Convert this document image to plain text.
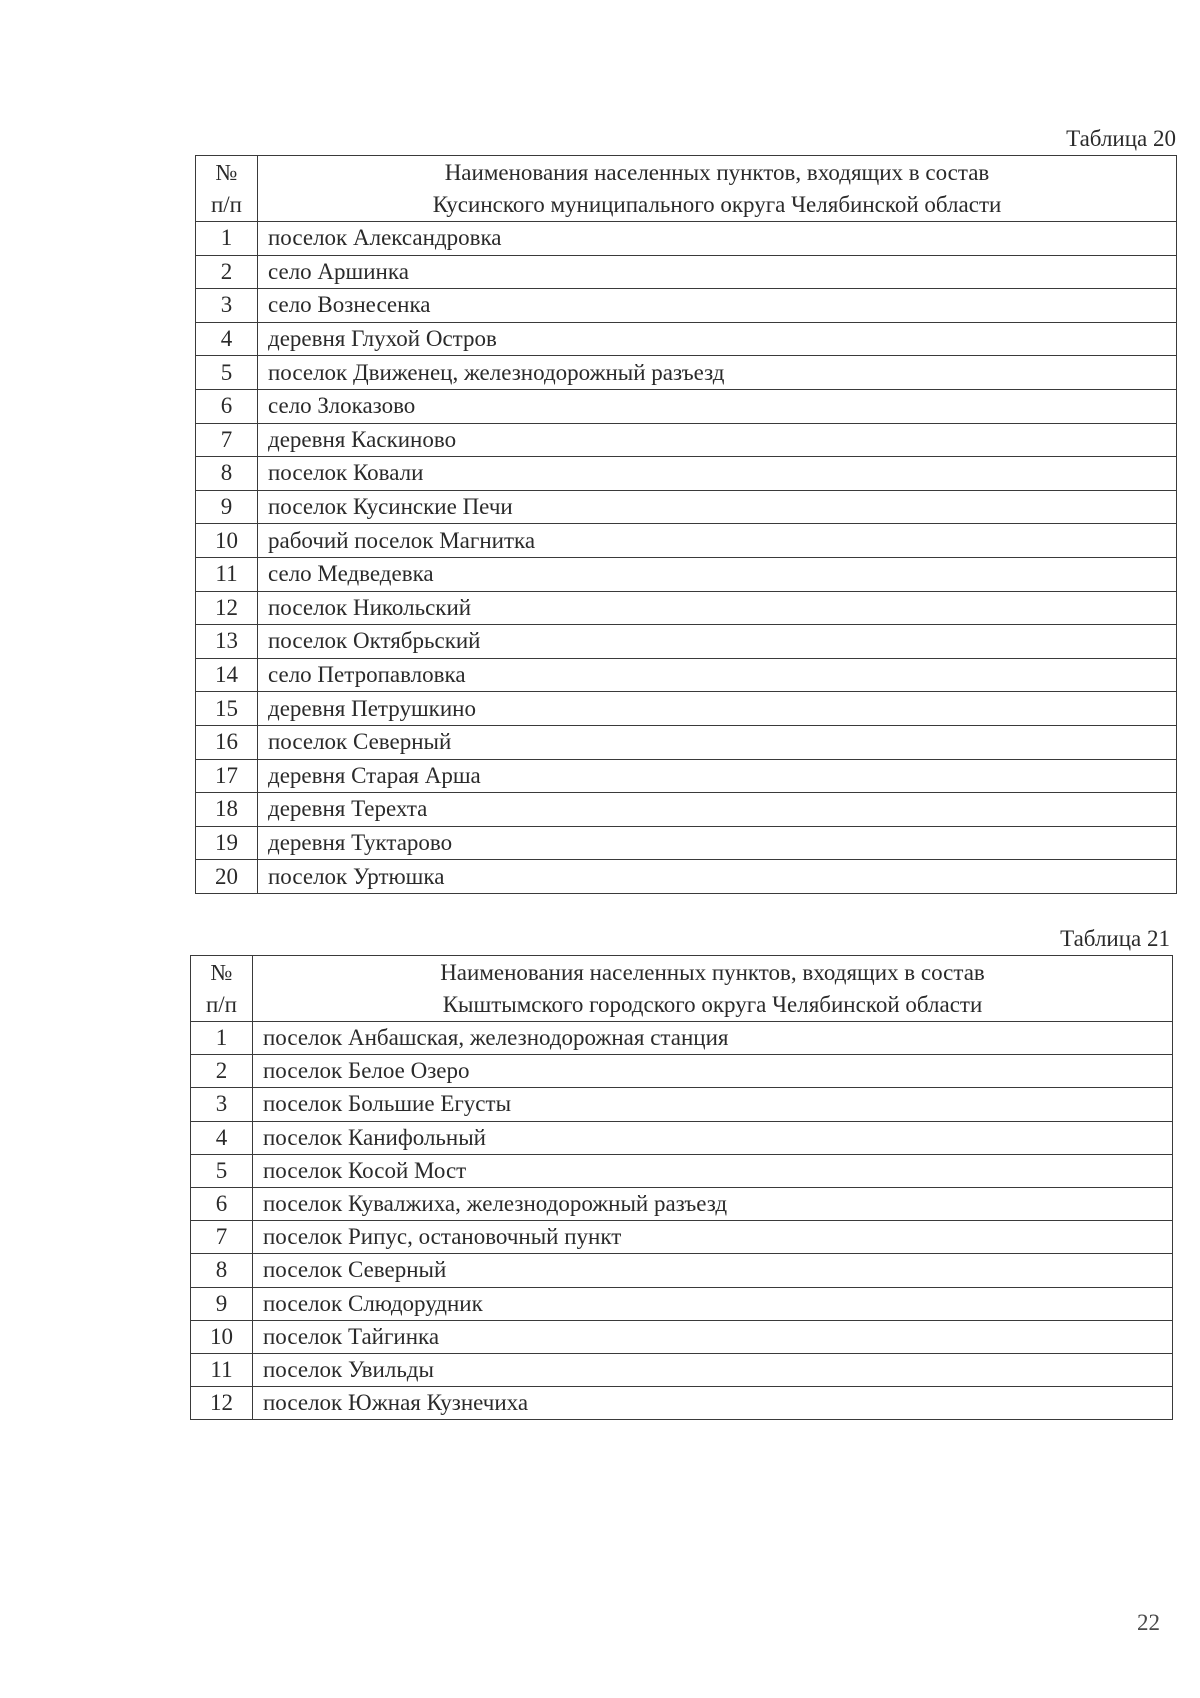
Таблица 20
№
п/п	Наименования населенных пунктов, входящих в состав
Кусинского муниципального округа Челябинской области

1	поселок Александровка
2	село Аршинка
3	село Вознесенка
4	деревня Глухой Остров
5	поселок Движенец, железнодорожный разъезд
6	село Злоказово
7	деревня Каскиново
8	поселок Ковали
9	поселок Кусинские Печи
10	рабочий поселок Магнитка
11	село Медведевка
12	поселок Никольский
13	поселок Октябрьский
14	село Петропавловка
15	деревня Петрушкино
16	поселок Северный
17	деревня Старая Арша
18	деревня Терехта
19	деревня Туктарово
20	поселок Уртюшка
Таблица 21
№
п/п	Наименования населенных пунктов, входящих в состав
Кыштымского городского округа Челябинской области

1	поселок Анбашская, железнодорожная станция
2	поселок Белое Озеро
3	поселок Большие Егусты
4	поселок Канифольный
5	поселок Косой Мост
6	поселок Кувалжиха, железнодорожный разъезд
7	поселок Рипус, остановочный пункт
8	поселок Северный
9	поселок Слюдорудник
10	поселок Тайгинка
11	поселок Увильды
12	поселок Южная Кузнечиха
22
